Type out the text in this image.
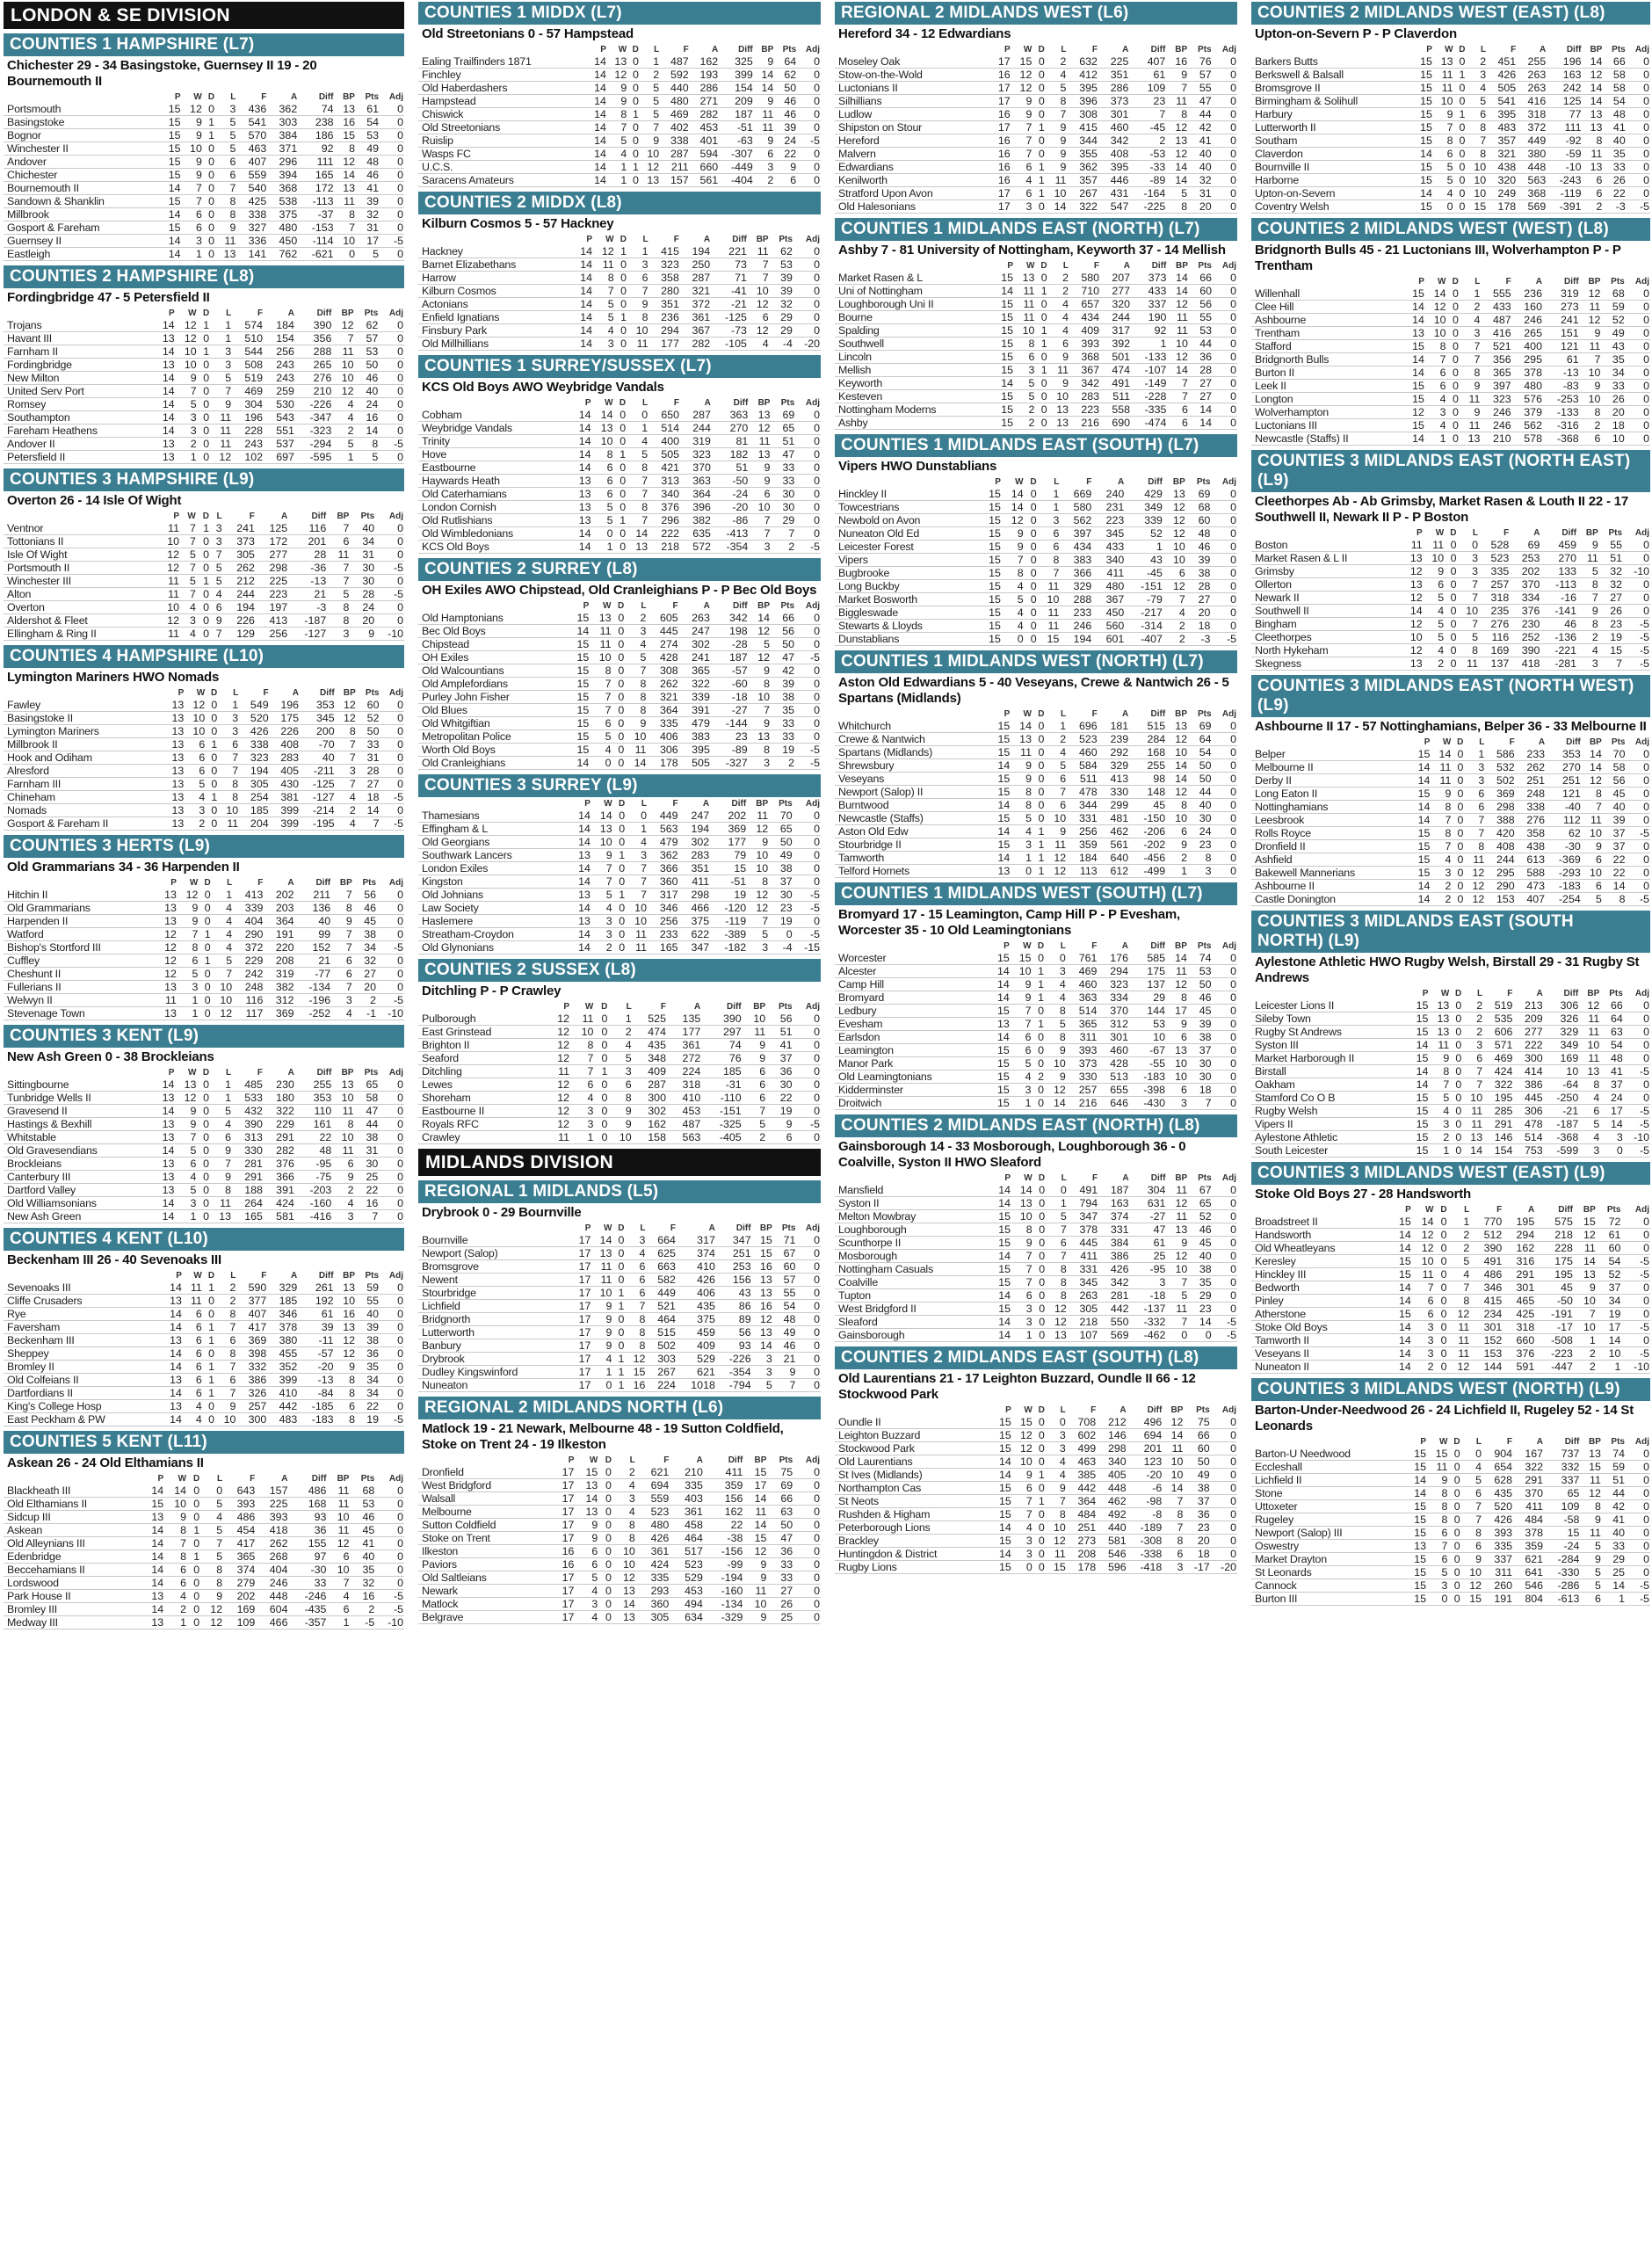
LONDON & SE DIVISION
COUNTIES 1 HAMPSHIRE (L7)
Chichester 29 - 34 Basingstoke, Guernsey II 19 - 20 Bournemouth II
	P	W	D	L	F	A	Diff	BP	Pts	Adj
Portsmouth	15	12	0	3	436	362	74	13	61	0
Basingstoke	15	9	1	5	541	303	238	16	54	0
Bognor	15	9	1	5	570	384	186	15	53	0
Winchester II	15	10	0	5	463	371	92	8	49	0
Andover	15	9	0	6	407	296	111	12	48	0
Chichester	15	9	0	6	559	394	165	14	46	0
Bournemouth II	14	7	0	7	540	368	172	13	41	0
Sandown & Shanklin	15	7	0	8	425	538	-113	11	39	0
Millbrook	14	6	0	8	338	375	-37	8	32	0
Gosport & Fareham	15	6	0	9	327	480	-153	7	31	0
Guernsey II	14	3	0	11	336	450	-114	10	17	-5
Eastleigh	14	1	0	13	141	762	-621	0	5	0
COUNTIES 2 HAMPSHIRE (L8)
Fordingbridge 47 - 5 Petersfield II
	P	W	D	L	F	A	Diff	BP	Pts	Adj
Trojans	14	12	1	1	574	184	390	12	62	0
Havant III	13	12	0	1	510	154	356	7	57	0
Farnham II	14	10	1	3	544	256	288	11	53	0
Fordingbridge	13	10	0	3	508	243	265	10	50	0
New Milton	14	9	0	5	519	243	276	10	46	0
United Serv Port	14	7	0	7	469	259	210	12	40	0
Romsey	14	5	0	9	304	530	-226	4	24	0
Southampton	14	3	0	11	196	543	-347	4	16	0
Fareham Heathens	14	3	0	11	228	551	-323	2	14	0
Andover II	13	2	0	11	243	537	-294	5	8	-5
Petersfield II	13	1	0	12	102	697	-595	1	5	0
COUNTIES 3 HAMPSHIRE (L9)
Overton 26 - 14 Isle Of Wight
	P	W	D	L	F	A	Diff	BP	Pts	Adj
Ventnor	11	7	1	3	241	125	116	7	40	0
Tottonians II	10	7	0	3	373	172	201	6	34	0
Isle Of Wight	12	5	0	7	305	277	28	11	31	0
Portsmouth II	12	7	0	5	262	298	-36	7	30	-5
Winchester III	11	5	1	5	212	225	-13	7	30	0
Alton	11	7	0	4	244	223	21	5	28	-5
Overton	10	4	0	6	194	197	-3	8	24	0
Aldershot & Fleet	12	3	0	9	226	413	-187	8	20	0
Ellingham & Ring II	11	4	0	7	129	256	-127	3	9	-10
COUNTIES 4 HAMPSHIRE (L10)
Lymington Mariners HWO Nomads
	P	W	D	L	F	A	Diff	BP	Pts	Adj
Fawley	13	12	0	1	549	196	353	12	60	0
Basingstoke II	13	10	0	3	520	175	345	12	52	0
Lymington Mariners	13	10	0	3	426	226	200	8	50	0
Millbrook II	13	6	1	6	338	408	-70	7	33	0
Hook and Odiham	13	6	0	7	323	283	40	7	31	0
Alresford	13	6	0	7	194	405	-211	3	28	0
Farnham III	13	5	0	8	305	430	-125	7	27	0
Chineham	13	4	1	8	254	381	-127	4	18	-5
Nomads	13	3	0	10	185	399	-214	2	14	0
Gosport & Fareham II	13	2	0	11	204	399	-195	4	7	-5
COUNTIES 3 HERTS (L9)
Old Grammarians 34 - 36 Harpenden II
	P	W	D	L	F	A	Diff	BP	Pts	Adj
Hitchin II	13	12	0	1	413	202	211	7	56	0
Old Grammarians	13	9	0	4	339	203	136	8	46	0
Harpenden II	13	9	0	4	404	364	40	9	45	0
Watford	12	7	1	4	290	191	99	7	38	0
Bishop's Stortford III	12	8	0	4	372	220	152	7	34	-5
Cuffley	12	6	1	5	229	208	21	6	32	0
Cheshunt II	12	5	0	7	242	319	-77	6	27	0
Fullerians II	13	3	0	10	248	382	-134	7	20	0
Welwyn II	11	1	0	10	116	312	-196	3	2	-5
Stevenage Town	13	1	0	12	117	369	-252	4	-1	-10
COUNTIES 3 KENT (L9)
New Ash Green 0 - 38 Brockleians
	P	W	D	L	F	A	Diff	BP	Pts	Adj
Sittingbourne	14	13	0	1	485	230	255	13	65	0
Tunbridge Wells II	13	12	0	1	533	180	353	10	58	0
Gravesend II	14	9	0	5	432	322	110	11	47	0
Hastings & Bexhill	13	9	0	4	390	229	161	8	44	0
Whitstable	13	7	0	6	313	291	22	10	38	0
Old Gravesendians	14	5	0	9	330	282	48	11	31	0
Brockleians	13	6	0	7	281	376	-95	6	30	0
Canterbury III	13	4	0	9	291	366	-75	9	25	0
Dartford Valley	13	5	0	8	188	391	-203	2	22	0
Old Williamsonians	14	3	0	11	264	424	-160	4	16	0
New Ash Green	14	1	0	13	165	581	-416	3	7	0
COUNTIES 4 KENT (L10)
Beckenham III 26 - 40 Sevenoaks III
	P	W	D	L	F	A	Diff	BP	Pts	Adj
Sevenoaks III	14	11	1	2	590	329	261	13	59	0
Cliffe Crusaders	13	11	0	2	377	185	192	10	55	0
Rye	14	6	0	8	407	346	61	16	40	0
Faversham	14	6	1	7	417	378	39	13	39	0
Beckenham III	13	6	1	6	369	380	-11	12	38	0
Sheppey	14	6	0	8	398	455	-57	12	36	0
Bromley II	14	6	1	7	332	352	-20	9	35	0
Old Colfeians II	13	6	1	6	386	399	-13	8	34	0
Dartfordians II	14	6	1	7	326	410	-84	8	34	0
King's College Hosp	13	4	0	9	257	442	-185	6	22	0
East Peckham & PW	14	4	0	10	300	483	-183	8	19	-5
COUNTIES 5 KENT (L11)
Askean 26 - 24 Old Elthamians II
	P	W	D	L	F	A	Diff	BP	Pts	Adj
Blackheath III	14	14	0	0	643	157	486	11	68	0
Old Elthamians II	15	10	0	5	393	225	168	11	53	0
Sidcup III	13	9	0	4	486	393	93	10	46	0
Askean	14	8	1	5	454	418	36	11	45	0
Old Alleynians III	14	7	0	7	417	262	155	12	41	0
Edenbridge	14	8	1	5	365	268	97	6	40	0
Beccehamians II	14	6	0	8	374	404	-30	10	35	0
Lordswood	14	6	0	8	279	246	33	7	32	0
Park House II	13	4	0	9	202	448	-246	4	16	-5
Bromley III	14	2	0	12	169	604	-435	6	2	-5
Medway III	13	1	0	12	109	466	-357	1	-5	-10
COUNTIES 1 MIDDX (L7)
Old Streetonians 0 - 57 Hampstead
	P	W	D	L	F	A	Diff	BP	Pts	Adj
Ealing Trailfinders 1871	14	13	0	1	487	162	325	9	64	0
Finchley	14	12	0	2	592	193	399	14	62	0
Old Haberdashers	14	9	0	5	440	286	154	14	50	0
Hampstead	14	9	0	5	480	271	209	9	46	0
Chiswick	14	8	1	5	469	282	187	11	46	0
Old Streetonians	14	7	0	7	402	453	-51	11	39	0
Ruislip	14	5	0	9	338	401	-63	9	24	-5
Wasps FC	14	4	0	10	287	594	-307	6	22	0
U.C.S.	14	1	1	12	211	660	-449	3	9	0
Saracens Amateurs	14	1	0	13	157	561	-404	2	6	0
COUNTIES 2 MIDDX (L8)
Kilburn Cosmos 5 - 57 Hackney
	P	W	D	L	F	A	Diff	BP	Pts	Adj
Hackney	14	12	1	1	415	194	221	11	62	0
Barnet Elizabethans	14	11	0	3	323	250	73	7	53	0
Harrow	14	8	0	6	358	287	71	7	39	0
Kilburn Cosmos	14	7	0	7	280	321	-41	10	39	0
Actonians	14	5	0	9	351	372	-21	12	32	0
Enfield Ignatians	14	5	1	8	236	361	-125	6	29	0
Finsbury Park	14	4	0	10	294	367	-73	12	29	0
Old Millhillians	14	3	0	11	177	282	-105	4	-4	-20
COUNTIES 1 SURREY/SUSSEX (L7)
KCS Old Boys AWO Weybridge Vandals
	P	W	D	L	F	A	Diff	BP	Pts	Adj
Cobham	14	14	0	0	650	287	363	13	69	0
Weybridge Vandals	14	13	0	1	514	244	270	12	65	0
Trinity	14	10	0	4	400	319	81	11	51	0
Hove	14	8	1	5	505	323	182	13	47	0
Eastbourne	14	6	0	8	421	370	51	9	33	0
Haywards Heath	13	6	0	7	313	363	-50	9	33	0
Old Caterhamians	13	6	0	7	340	364	-24	6	30	0
London Cornish	13	5	0	8	376	396	-20	10	30	0
Old Rutlishians	13	5	1	7	296	382	-86	7	29	0
Old Wimbledonians	14	0	0	14	222	635	-413	7	7	0
KCS Old Boys	14	1	0	13	218	572	-354	3	2	-5
COUNTIES 2 SURREY (L8)
OH Exiles AWO Chipstead, Old Cranleighians P - P Bec Old Boys
	P	W	D	L	F	A	Diff	BP	Pts	Adj
Old Hamptonians	15	13	0	2	605	263	342	14	66	0
Bec Old Boys	14	11	0	3	445	247	198	12	56	0
Chipstead	15	11	0	4	274	302	-28	5	50	0
OH Exiles	15	10	0	5	428	241	187	12	47	-5
Old Walcountians	15	8	0	7	308	365	-57	9	42	0
Old Amplefordians	15	7	0	8	262	322	-60	8	39	0
Purley John Fisher	15	7	0	8	321	339	-18	10	38	0
Old Blues	15	7	0	8	364	391	-27	7	35	0
Old Whitgiftian	15	6	0	9	335	479	-144	9	33	0
Metropolitan Police	15	5	0	10	406	383	23	13	33	0
Worth Old Boys	15	4	0	11	306	395	-89	8	19	-5
Old Cranleighians	14	0	0	14	178	505	-327	3	2	-5
COUNTIES 3 SURREY (L9)
	P	W	D	L	F	A	Diff	BP	Pts	Adj
Thamesians	14	14	0	0	449	247	202	11	70	0
Effingham & L	14	13	0	1	563	194	369	12	65	0
Old Georgians	14	10	0	4	479	302	177	9	50	0
Southwark Lancers	13	9	1	3	362	283	79	10	49	0
London Exiles	14	7	0	7	366	351	15	10	38	0
Kingston	14	7	0	7	360	411	-51	8	37	0
Old Johnians	13	5	1	7	317	298	19	12	30	-5
Law Society	14	4	0	10	346	466	-120	12	23	-5
Haslemere	13	3	0	10	256	375	-119	7	19	0
Streatham-Croydon	14	3	0	11	233	622	-389	5	0	-5
Old Glynonians	14	2	0	11	165	347	-182	3	-4	-15
COUNTIES 2 SUSSEX (L8)
Ditchling P - P Crawley
	P	W	D	L	F	A	Diff	BP	Pts	Adj
Pulborough	12	11	0	1	525	135	390	10	56	0
East Grinstead	12	10	0	2	474	177	297	11	51	0
Brighton II	12	8	0	4	435	361	74	9	41	0
Seaford	12	7	0	5	348	272	76	9	37	0
Ditchling	11	7	1	3	409	224	185	6	36	0
Lewes	12	6	0	6	287	318	-31	6	30	0
Shoreham	12	4	0	8	300	410	-110	6	22	0
Eastbourne II	12	3	0	9	302	453	-151	7	19	0
Royals RFC	12	3	0	9	162	487	-325	5	9	-5
Crawley	11	1	0	10	158	563	-405	2	6	0
MIDLANDS DIVISION
REGIONAL 1 MIDLANDS (L5)
Drybrook 0 - 29 Bournville
	P	W	D	L	F	A	Diff	BP	Pts	Adj
Bournville	17	14	0	3	664	317	347	15	71	0
Newport (Salop)	17	13	0	4	625	374	251	15	67	0
Bromsgrove	17	11	0	6	663	410	253	16	60	0
Newent	17	11	0	6	582	426	156	13	57	0
Stourbridge	17	10	1	6	449	406	43	13	55	0
Lichfield	17	9	1	7	521	435	86	16	54	0
Bridgnorth	17	9	0	8	464	375	89	12	48	0
Lutterworth	17	9	0	8	515	459	56	13	49	0
Banbury	17	9	0	8	502	409	93	14	46	0
Drybrook	17	4	1	12	303	529	-226	3	21	0
Dudley Kingswinford	17	1	1	15	267	621	-354	3	9	0
Nuneaton	17	0	1	16	224	1018	-794	5	7	0
REGIONAL 2 MIDLANDS NORTH (L6)
Matlock 19 - 21 Newark, Melbourne 48 - 19 Sutton Coldfield, Stoke on Trent 24 - 19 Ilkeston
	P	W	D	L	F	A	Diff	BP	Pts	Adj
Dronfield	17	15	0	2	621	210	411	15	75	0
West Bridgford	17	13	0	4	694	335	359	17	69	0
Walsall	17	14	0	3	559	403	156	14	66	0
Melbourne	17	13	0	4	523	361	162	11	63	0
Sutton Coldfield	17	9	0	8	480	458	22	14	50	0
Stoke on Trent	17	9	0	8	426	464	-38	15	47	0
Ilkeston	16	6	0	10	361	517	-156	12	36	0
Paviors	16	6	0	10	424	523	-99	9	33	0
Old Saltleians	17	5	0	12	335	529	-194	9	33	0
Newark	17	4	0	13	293	453	-160	11	27	0
Matlock	17	3	0	14	360	494	-134	10	26	0
Belgrave	17	4	0	13	305	634	-329	9	25	0
REGIONAL 2 MIDLANDS WEST (L6)
Hereford 34 - 12 Edwardians
	P	W	D	L	F	A	Diff	BP	Pts	Adj
Moseley Oak	17	15	0	2	632	225	407	16	76	0
Stow-on-the-Wold	16	12	0	4	412	351	61	9	57	0
Luctonians II	17	12	0	5	395	286	109	7	55	0
Silhillians	17	9	0	8	396	373	23	11	47	0
Ludlow	16	9	0	7	308	301	7	8	44	0
Shipston on Stour	17	7	1	9	415	460	-45	12	42	0
Hereford	16	7	0	9	344	342	2	13	41	0
Malvern	16	7	0	9	355	408	-53	12	40	0
Edwardians	16	6	1	9	362	395	-33	14	40	0
Kenilworth	16	4	1	11	357	446	-89	14	32	0
Stratford Upon Avon	17	6	1	10	267	431	-164	5	31	0
Old Halesonians	17	3	0	14	322	547	-225	8	20	0
COUNTIES 1 MIDLANDS EAST (NORTH) (L7)
Ashby 7 - 81 University of Nottingham, Keyworth 37 - 14 Mellish
	P	W	D	L	F	A	Diff	BP	Pts	Adj
Market Rasen & L	15	13	0	2	580	207	373	14	66	0
Uni of Nottingham	14	11	1	2	710	277	433	14	60	0
Loughborough Uni II	15	11	0	4	657	320	337	12	56	0
Bourne	15	11	0	4	434	244	190	11	55	0
Spalding	15	10	1	4	409	317	92	11	53	0
Southwell	15	8	1	6	393	392	1	10	44	0
Lincoln	15	6	0	9	368	501	-133	12	36	0
Mellish	15	3	1	11	367	474	-107	14	28	0
Keyworth	14	5	0	9	342	491	-149	7	27	0
Kesteven	15	5	0	10	283	511	-228	7	27	0
Nottingham Moderns	15	2	0	13	223	558	-335	6	14	0
Ashby	15	2	0	13	216	690	-474	6	14	0
COUNTIES 1 MIDLANDS EAST (SOUTH) (L7)
Vipers HWO Dunstablians
	P	W	D	L	F	A	Diff	BP	Pts	Adj
Hinckley II	15	14	0	1	669	240	429	13	69	0
Towcestrians	15	14	0	1	580	231	349	12	68	0
Newbold on Avon	15	12	0	3	562	223	339	12	60	0
Nuneaton Old Ed	15	9	0	6	397	345	52	12	48	0
Leicester Forest	15	9	0	6	434	433	1	10	46	0
Vipers	15	7	0	8	383	340	43	10	39	0
Bugbrooke	15	8	0	7	366	411	-45	6	38	0
Long Buckby	15	4	0	11	329	480	-151	12	28	0
Market Bosworth	15	5	0	10	288	367	-79	7	27	0
Biggleswade	15	4	0	11	233	450	-217	4	20	0
Stewarts & Lloyds	15	4	0	11	246	560	-314	2	18	0
Dunstablians	15	0	0	15	194	601	-407	2	-3	-5
COUNTIES 1 MIDLANDS WEST (NORTH) (L7)
Aston Old Edwardians 5 - 40 Veseyans, Crewe & Nantwich 26 - 5 Spartans (Midlands)
	P	W	D	L	F	A	Diff	BP	Pts	Adj
Whitchurch	15	14	0	1	696	181	515	13	69	0
Crewe & Nantwich	15	13	0	2	523	239	284	12	64	0
Spartans (Midlands)	15	11	0	4	460	292	168	10	54	0
Shrewsbury	14	9	0	5	584	329	255	14	50	0
Veseyans	15	9	0	6	511	413	98	14	50	0
Newport (Salop) II	15	8	0	7	478	330	148	12	44	0
Burntwood	14	8	0	6	344	299	45	8	40	0
Newcastle (Staffs)	15	5	0	10	331	481	-150	10	30	0
Aston Old Edw	14	4	1	9	256	462	-206	6	24	0
Stourbridge II	15	3	1	11	359	561	-202	9	23	0
Tamworth	14	1	1	12	184	640	-456	2	8	0
Telford Hornets	13	0	1	12	113	612	-499	1	3	0
COUNTIES 1 MIDLANDS WEST (SOUTH) (L7)
Bromyard 17 - 15 Leamington, Camp Hill P - P Evesham, Worcester 35 - 10 Old Leamingtonians
	P	W	D	L	F	A	Diff	BP	Pts	Adj
Worcester	15	15	0	0	761	176	585	14	74	0
Alcester	14	10	1	3	469	294	175	11	53	0
Camp Hill	14	9	1	4	460	323	137	12	50	0
Bromyard	14	9	1	4	363	334	29	8	46	0
Ledbury	15	7	0	8	514	370	144	17	45	0
Evesham	13	7	1	5	365	312	53	9	39	0
Earlsdon	14	6	0	8	311	301	10	6	38	0
Leamington	15	6	0	9	393	460	-67	13	37	0
Manor Park	15	5	0	10	373	428	-55	10	30	0
Old Leamingtonians	15	4	2	9	330	513	-183	10	30	0
Kidderminster	15	3	0	12	257	655	-398	6	18	0
Droitwich	15	1	0	14	216	646	-430	3	7	0
COUNTIES 2 MIDLANDS EAST (NORTH) (L8)
Gainsborough 14 - 33 Mosborough, Loughborough 36 - 0 Coalville, Syston II HWO Sleaford
	P	W	D	L	F	A	Diff	BP	Pts	Adj
Mansfield	14	14	0	0	491	187	304	11	67	0
Syston II	14	13	0	1	794	163	631	12	65	0
Melton Mowbray	15	10	0	5	347	374	-27	11	52	0
Loughborough	15	8	0	7	378	331	47	13	46	0
Scunthorpe II	15	9	0	6	445	384	61	9	45	0
Mosborough	14	7	0	7	411	386	25	12	40	0
Nottingham Casuals	15	7	0	8	331	426	-95	10	38	0
Coalville	15	7	0	8	345	342	3	7	35	0
Tupton	14	6	0	8	263	281	-18	5	29	0
West Bridgford II	15	3	0	12	305	442	-137	11	23	0
Sleaford	14	3	0	12	218	550	-332	7	14	-5
Gainsborough	14	1	0	13	107	569	-462	0	0	-5
COUNTIES 2 MIDLANDS EAST (SOUTH) (L8)
Old Laurentians 21 - 17 Leighton Buzzard, Oundle II 66 - 12 Stockwood Park
	P	W	D	L	F	A	Diff	BP	Pts	Adj
Oundle II	15	15	0	0	708	212	496	12	75	0
Leighton Buzzard	15	12	0	3	602	146	694	14	66	0
Stockwood Park	15	12	0	3	499	298	201	11	60	0
Old Laurentians	14	10	0	4	463	340	123	10	50	0
St Ives (Midlands)	14	9	1	4	385	405	-20	10	49	0
Northampton Cas	15	6	0	9	442	448	-6	14	38	0
St Neots	15	7	1	7	364	462	-98	7	37	0
Rushden & Higham	15	7	0	8	484	492	-8	8	36	0
Peterborough Lions	14	4	0	10	251	440	-189	7	23	0
Brackley	15	3	0	12	273	581	-308	8	20	0
Huntingdon & District	14	3	0	11	208	546	-338	6	18	0
Rugby Lions	15	0	0	15	178	596	-418	3	-17	-20
COUNTIES 2 MIDLANDS WEST (EAST) (L8)
Upton-on-Severn P - P Claverdon
	P	W	D	L	F	A	Diff	BP	Pts	Adj
Barkers Butts	15	13	0	2	451	255	196	14	66	0
Berkswell & Balsall	15	11	1	3	426	263	163	12	58	0
Bromsgrove II	15	11	0	4	505	263	242	14	58	0
Birmingham & Solihull	15	10	0	5	541	416	125	14	54	0
Harbury	15	9	1	6	395	318	77	13	48	0
Lutterworth II	15	7	0	8	483	372	111	13	41	0
Southam	15	8	0	7	357	449	-92	8	40	0
Claverdon	14	6	0	8	321	380	-59	11	35	0
Bournville II	15	5	0	10	438	448	-10	13	33	0
Harborne	15	5	0	10	320	563	-243	6	26	0
Upton-on-Severn	14	4	0	10	249	368	-119	6	22	0
Coventry Welsh	15	0	0	15	178	569	-391	2	-3	-5
COUNTIES 2 MIDLANDS WEST (WEST) (L8)
Bridgnorth Bulls 45 - 21 Luctonians III, Wolverhampton P - P Trentham
	P	W	D	L	F	A	Diff	BP	Pts	Adj
Willenhall	15	14	0	1	555	236	319	12	68	0
Clee Hill	14	12	0	2	433	160	273	11	59	0
Ashbourne	14	10	0	4	487	246	241	12	52	0
Trentham	13	10	0	3	416	265	151	9	49	0
Stafford	15	8	0	7	521	400	121	11	43	0
Bridgnorth Bulls	14	7	0	7	356	295	61	7	35	0
Burton II	14	6	0	8	365	378	-13	10	34	0
Leek II	15	6	0	9	397	480	-83	9	33	0
Longton	15	4	0	11	323	576	-253	10	26	0
Wolverhampton	12	3	0	9	246	379	-133	8	20	0
Luctonians III	15	4	0	11	246	562	-316	2	18	0
Newcastle (Staffs) II	14	1	0	13	210	578	-368	6	10	0
COUNTIES 3 MIDLANDS EAST (NORTH EAST) (L9)
Cleethorpes Ab - Ab Grimsby, Market Rasen & Louth II 22 - 17 Southwell II, Newark II P - P Boston
	P	W	D	L	F	A	Diff	BP	Pts	Adj
Boston	11	11	0	0	528	69	459	9	55	0
Market Rasen & L II	13	10	0	3	523	253	270	11	51	0
Grimsby	12	9	0	3	335	202	133	5	32	-10
Ollerton	13	6	0	7	257	370	-113	8	32	0
Newark II	12	5	0	7	318	334	-16	7	27	0
Southwell II	14	4	0	10	235	376	-141	9	26	0
Bingham	12	5	0	7	276	230	46	8	23	-5
Cleethorpes	10	5	0	5	116	252	-136	2	19	-5
North Hykeham	12	4	0	8	169	390	-221	4	15	-5
Skegness	13	2	0	11	137	418	-281	3	7	-5
COUNTIES 3 MIDLANDS EAST (NORTH WEST) (L9)
Ashbourne II 17 - 57 Nottinghamians, Belper 36 - 33 Melbourne II
	P	W	D	L	F	A	Diff	BP	Pts	Adj
Belper	15	14	0	1	586	233	353	14	70	0
Melbourne II	14	11	0	3	532	262	270	14	58	0
Derby II	14	11	0	3	502	251	251	12	56	0
Long Eaton II	15	9	0	6	369	248	121	8	45	0
Nottinghamians	14	8	0	6	298	338	-40	7	40	0
Leesbrook	14	7	0	7	388	276	112	11	39	0
Rolls Royce	15	8	0	7	420	358	62	10	37	-5
Dronfield II	15	7	0	8	408	438	-30	9	37	0
Ashfield	15	4	0	11	244	613	-369	6	22	0
Bakewell Mannerians	15	3	0	12	295	588	-293	10	22	0
Ashbourne II	14	2	0	12	290	473	-183	6	14	0
Castle Donington	14	2	0	12	153	407	-254	5	8	-5
COUNTIES 3 MIDLANDS EAST (SOUTH NORTH) (L9)
Aylestone Athletic HWO Rugby Welsh, Birstall 29 - 31 Rugby St Andrews
	P	W	D	L	F	A	Diff	BP	Pts	Adj
Leicester Lions II	15	13	0	2	519	213	306	12	66	0
Sileby Town	15	13	0	2	535	209	326	11	64	0
Rugby St Andrews	15	13	0	2	606	277	329	11	63	0
Syston III	14	11	0	3	571	222	349	10	54	0
Market Harborough II	15	9	0	6	469	300	169	11	48	0
Birstall	14	8	0	7	424	414	10	13	41	-5
Oakham	14	7	0	7	322	386	-64	8	37	0
Stamford Co O B	15	5	0	10	195	445	-250	4	24	0
Rugby Welsh	15	4	0	11	285	306	-21	6	17	-5
Vipers II	15	3	0	11	291	478	-187	5	14	-5
Aylestone Athletic	15	2	0	13	146	514	-368	4	3	-10
South Leicester	15	1	0	14	154	753	-599	3	0	-5
COUNTIES 3 MIDLANDS WEST (EAST) (L9)
Stoke Old Boys 27 - 28 Handsworth
	P	W	D	L	F	A	Diff	BP	Pts	Adj
Broadstreet II	15	14	0	1	770	195	575	15	72	0
Handsworth	14	12	0	2	512	294	218	12	61	0
Old Wheatleyans	14	12	0	2	390	162	228	11	60	0
Keresley	15	10	0	5	491	316	175	14	54	-5
Hinckley III	15	11	0	4	486	291	195	13	52	-5
Bedworth	14	7	0	7	346	301	45	9	37	0
Pinley	14	6	0	8	415	465	-50	10	34	0
Atherstone	15	6	0	12	234	425	-191	7	19	0
Stoke Old Boys	14	3	0	11	301	318	-17	10	17	-5
Tamworth II	14	3	0	11	152	660	-508	1	14	0
Veseyans II	14	3	0	11	153	376	-223	2	10	-5
Nuneaton II	14	2	0	12	144	591	-447	2	1	-10
COUNTIES 3 MIDLANDS WEST (NORTH) (L9)
Barton-Under-Needwood 26 - 24 Lichfield II, Rugeley 52 - 14 St Leonards
	P	W	D	L	F	A	Diff	BP	Pts	Adj
Barton-U Needwood	15	15	0	0	904	167	737	13	74	0
Eccleshall	15	11	0	4	654	322	332	15	59	0
Lichfield II	14	9	0	5	628	291	337	11	51	0
Stone	14	8	0	6	435	370	65	12	44	0
Uttoxeter	15	8	0	7	520	411	109	8	42	0
Rugeley	15	8	0	7	426	484	-58	9	41	0
Newport (Salop) III	15	6	0	8	393	378	15	11	40	0
Oswestry	13	7	0	6	335	359	-24	5	33	0
Market Drayton	15	6	0	9	337	621	-284	9	29	0
St Leonards	15	5	0	10	311	641	-330	5	25	0
Cannock	15	3	0	12	260	546	-286	5	14	-5
Burton III	15	0	0	15	191	804	-613	6	1	-5
